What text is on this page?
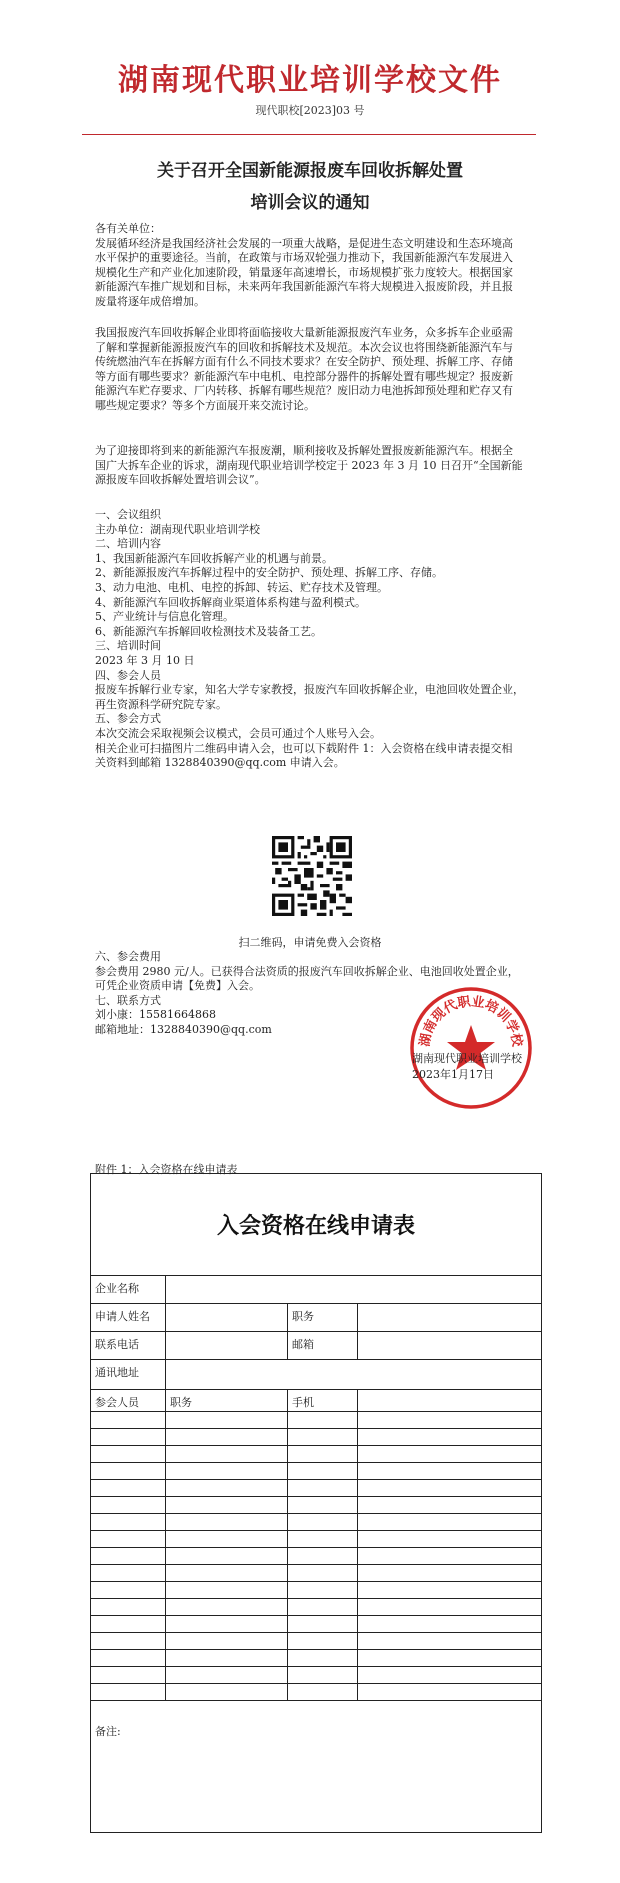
湖南现代职业培训学校文件
现代职校[2023]03 号
关于召开全国新能源报废车回收拆解处置
培训会议的通知

各有关单位：

发展循环经济是我国经济社会发展的一项重大战略，是促进生态文明建设和生态环境高

水平保护的重要途径。当前，在政策与市场双轮强力推动下，我国新能源汽车发展进入

规模化生产和产业化加速阶段，销量逐年高速增长，市场规模扩张力度较大。根据国家

新能源汽车推广规划和目标，未来两年我国新能源汽车将大规模进入报废阶段，并且报

废量将逐年成倍增加。

我国报废汽车回收拆解企业即将面临接收大量新能源报废汽车业务，众多拆车企业亟需

了解和掌握新能源报废汽车的回收和拆解技术及规范。本次会议也将围绕新能源汽车与

传统燃油汽车在拆解方面有什么不同技术要求？在安全防护、预处理、拆解工序、存储

等方面有哪些要求？新能源汽车中电机、电控部分器件的拆解处置有哪些规定？报废新

能源汽车贮存要求、厂内转移、拆解有哪些规范？废旧动力电池拆卸预处理和贮存又有

哪些规定要求？等多个方面展开来交流讨论。

为了迎接即将到来的新能源汽车报废潮，顺利接收及拆解处置报废新能源汽车。根据全

国广大拆车企业的诉求，湖南现代职业培训学校定于 2023 年 3 月 10 日召开“全国新能

源报废车回收拆解处置培训会议”。

一、会议组织

主办单位：湖南现代职业培训学校

二、培训内容

1、我国新能源汽车回收拆解产业的机遇与前景。

2、新能源报废汽车拆解过程中的安全防护、预处理、拆解工序、存储。

3、动力电池、电机、电控的拆卸、转运、贮存技术及管理。

4、新能源汽车回收拆解商业渠道体系构建与盈利模式。

5、产业统计与信息化管理。

6、新能源汽车拆解回收检测技术及装备工艺。

三、培训时间

2023 年 3 月 10 日

四、参会人员

报废车拆解行业专家，知名大学专家教授，报废汽车回收拆解企业，电池回收处置企业，

再生资源科学研究院专家。

五、参会方式

本次交流会采取视频会议模式，会员可通过个人账号入会。

相关企业可扫描图片二维码申请入会，也可以下载附件 1：入会资格在线申请表提交相

关资料到邮箱 1328840390@qq.com 申请入会。

扫二维码，申请免费入会资格

六、参会费用

参会费用 2980 元/人。已获得合法资质的报废汽车回收拆解企业、电池回收处置企业，

可凭企业资质申请【免费】入会。

七、联系方式

刘小康：15581664868

邮箱地址：1328840390@qq.com

湖南现代职业培训学校
湖南现代职业培训学校
2023年1月17日
附件 1：入会资格在线申请表
入会资格在线申请表
企业名称
申请人姓名	职务
联系电话	邮箱
通讯地址
参会人员	职务	手机
备注:
